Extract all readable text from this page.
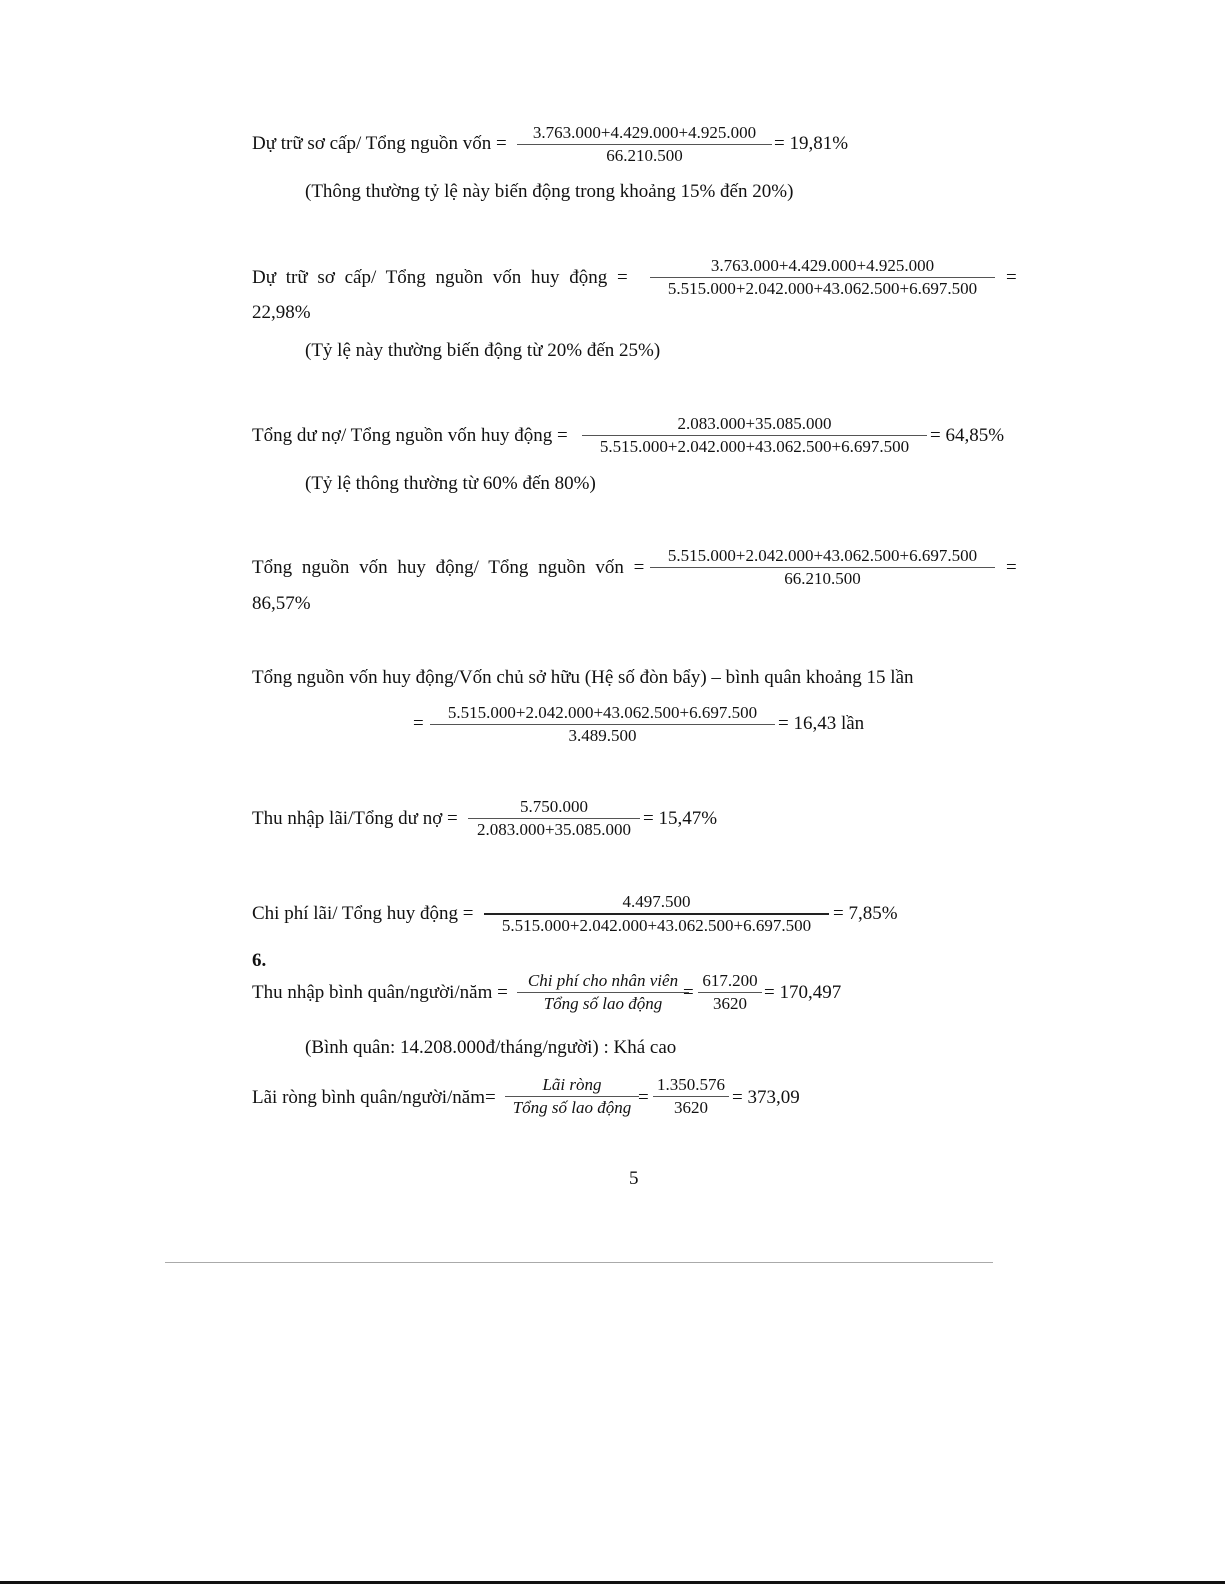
Dự trữ sơ cấp/ Tổng nguồn vốn =
3.763.000+4.429.000+4.925.000
66.210.500
= 19,81%
(Thông thường tỷ lệ này biến động trong khoảng 15% đến 20%)
Dự trữ sơ cấp/ Tổng nguồn vốn huy động =
3.763.000+4.429.000+4.925.000
5.515.000+2.042.000+43.062.500+6.697.500
=
22,98%
(Tỷ lệ này thường biến động từ 20% đến 25%)
Tổng dư nợ/ Tổng nguồn vốn huy động =
2.083.000+35.085.000
5.515.000+2.042.000+43.062.500+6.697.500
= 64,85%
(Tỷ lệ thông thường từ 60% đến 80%)
Tổng nguồn vốn huy động/ Tổng nguồn vốn =
5.515.000+2.042.000+43.062.500+6.697.500
66.210.500
=
86,57%
Tổng nguồn vốn huy động/Vốn chủ sở hữu (Hệ số đòn bẩy) – bình quân khoảng 15 lần
=
5.515.000+2.042.000+43.062.500+6.697.500
3.489.500
= 16,43 lần
Thu nhập lãi/Tổng dư nợ =
5.750.000
2.083.000+35.085.000
= 15,47%
Chi phí lãi/ Tổng huy động =
4.497.500
5.515.000+2.042.000+43.062.500+6.697.500
= 7,85%
6.
Thu nhập bình quân/người/năm =
Chi phí cho nhân viên
Tổng số lao động
=
617.200
3620
= 170,497
(Bình quân: 14.208.000đ/tháng/người) : Khá cao
Lãi ròng bình quân/người/năm=
Lãi ròng
Tổng số lao động =
1.350.576
3620	= 373,09
5
